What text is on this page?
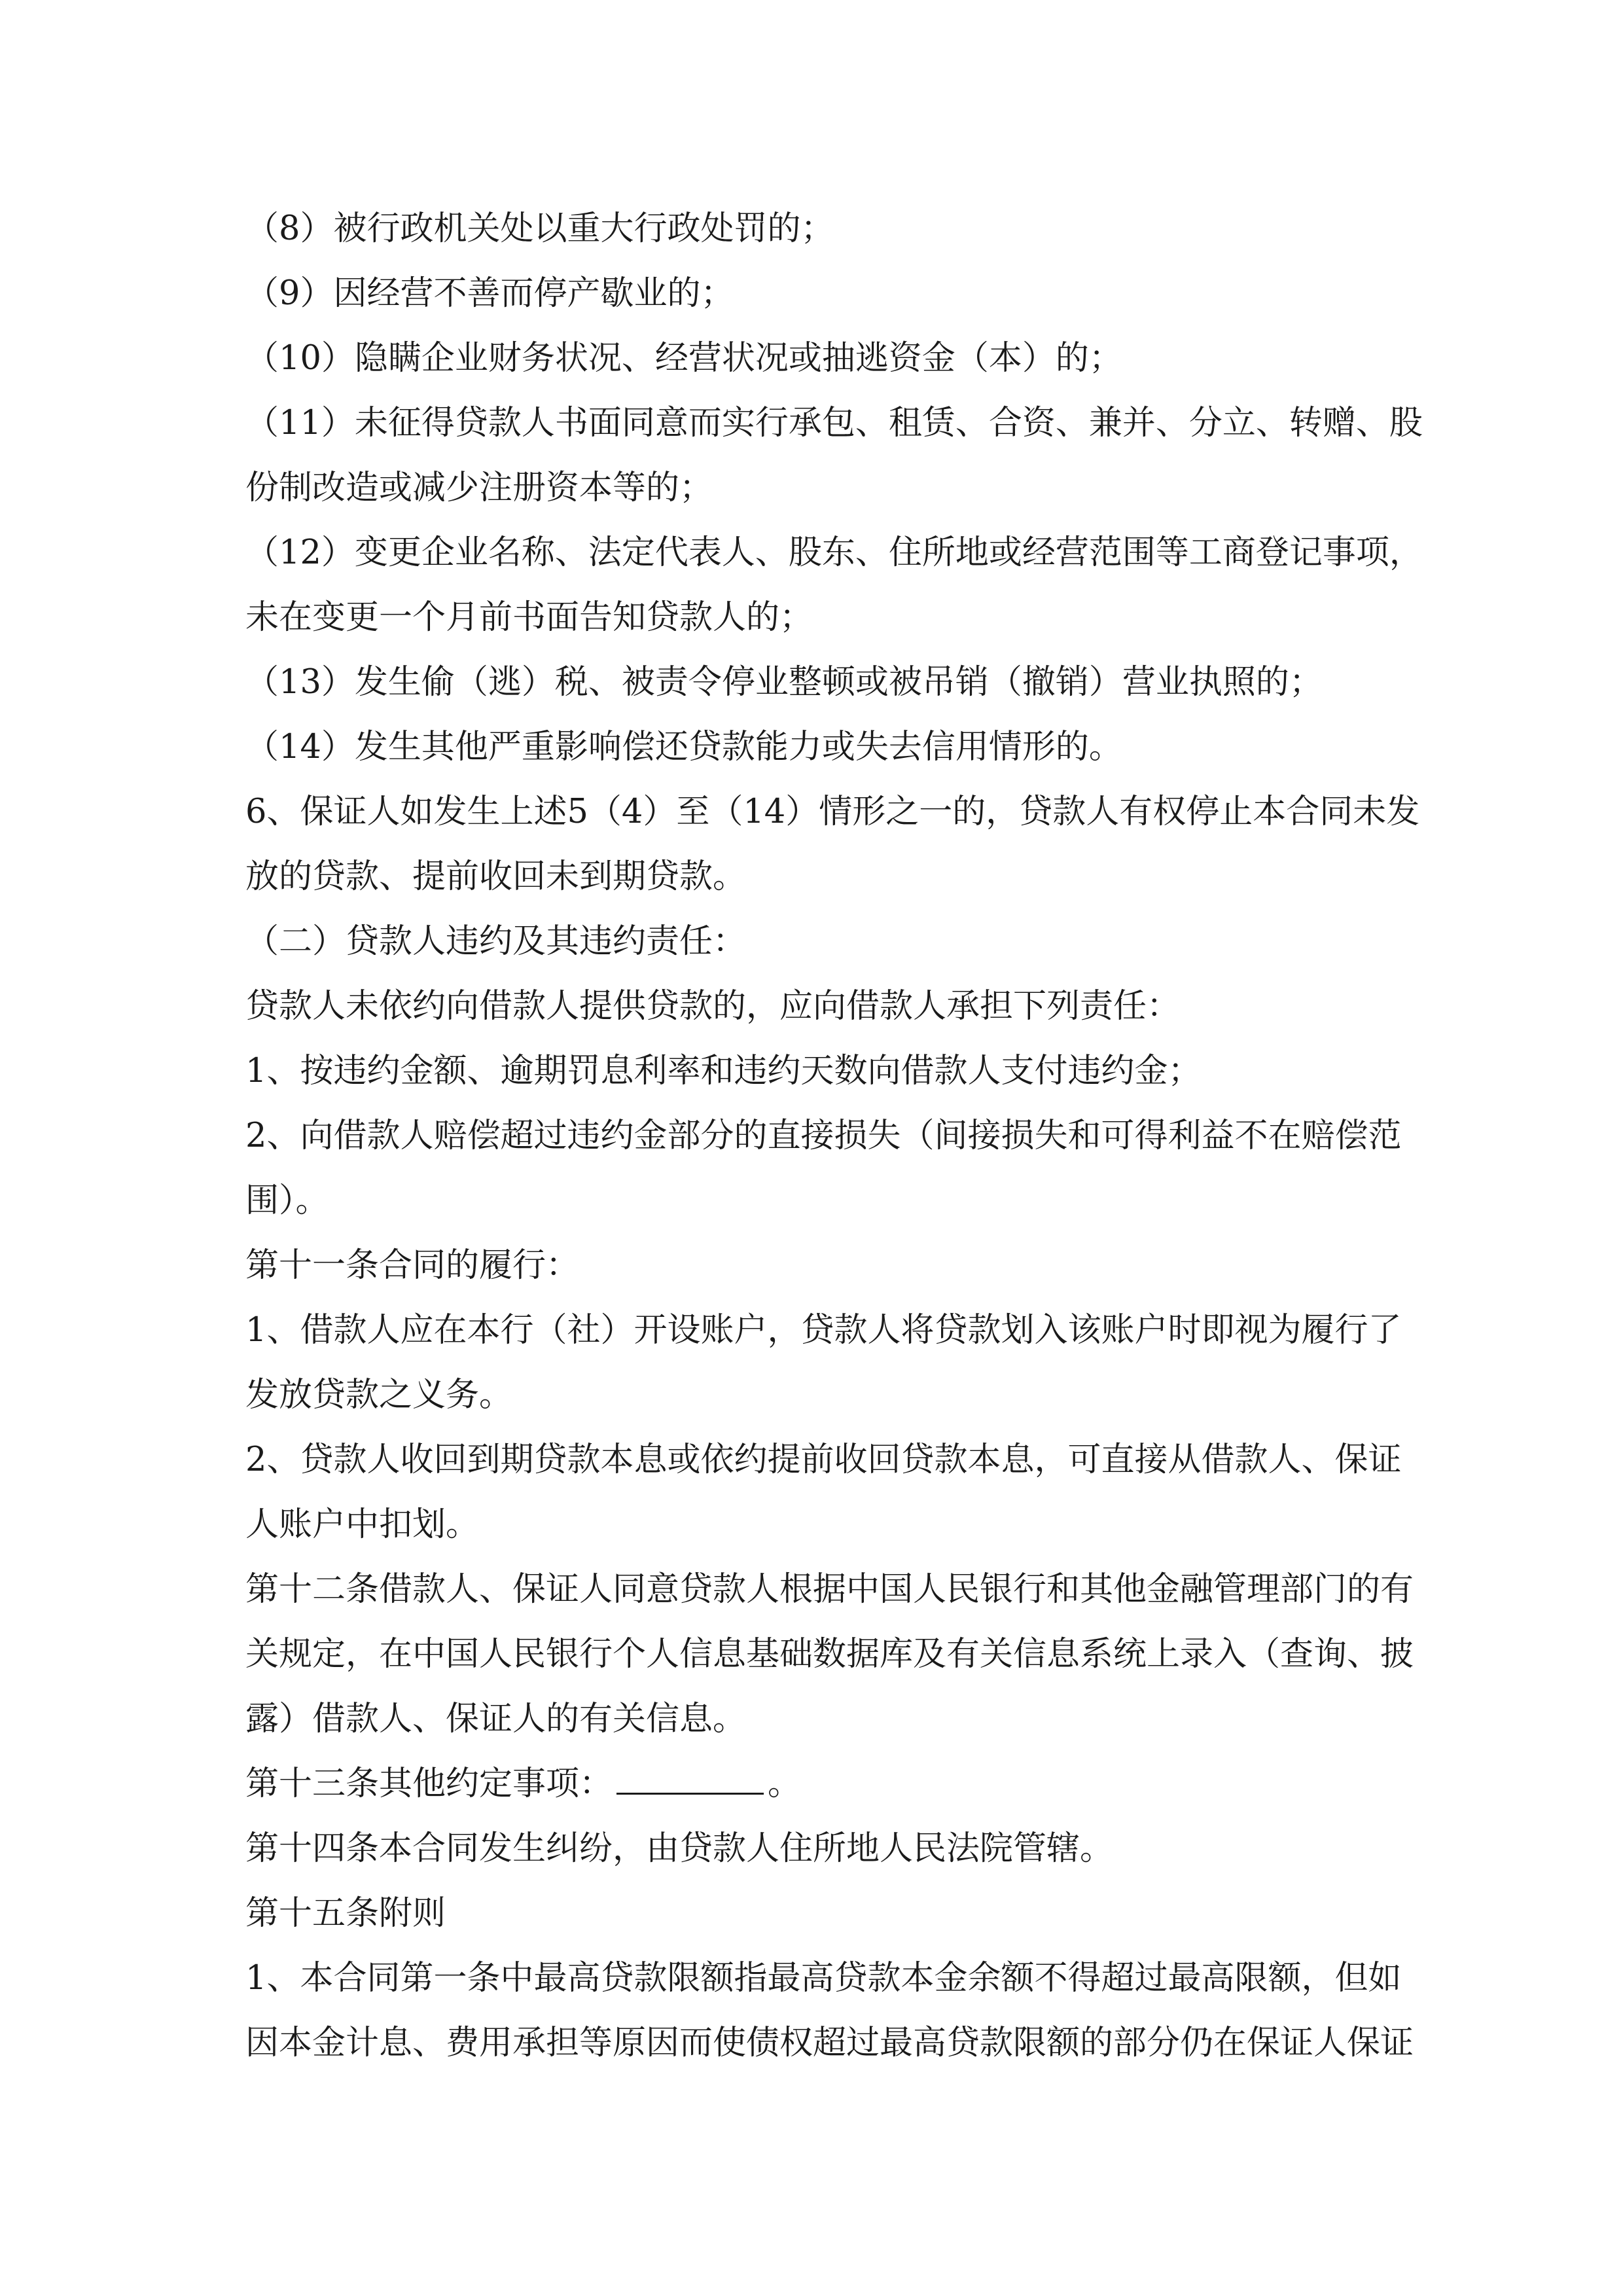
（8）被行政机关处以重大行政处罚的；
（9）因经营不善而停产歇业的；
（10）隐瞒企业财务状况、经营状况或抽逃资金（本）的；
（11）未征得贷款人书面同意而实行承包、租赁、合资、兼并、分立、转赠、股
份制改造或减少注册资本等的；
（12）变更企业名称、法定代表人、股东、住所地或经营范围等工商登记事项，
未在变更一个月前书面告知贷款人的；
（13）发生偷（逃）税、被责令停业整顿或被吊销（撤销）营业执照的；
（14）发生其他严重影响偿还贷款能力或失去信用情形的。
6、保证人如发生上述5（4）至（14）情形之一的，贷款人有权停止本合同未发
放的贷款、提前收回未到期贷款。
（二）贷款人违约及其违约责任：
贷款人未依约向借款人提供贷款的，应向借款人承担下列责任：
1、按违约金额、逾期罚息利率和违约天数向借款人支付违约金；
2、向借款人赔偿超过违约金部分的直接损失（间接损失和可得利益不在赔偿范
围）。
第十一条合同的履行：
1、借款人应在本行（社）开设账户，贷款人将贷款划入该账户时即视为履行了
发放贷款之义务。
2、贷款人收回到期贷款本息或依约提前收回贷款本息，可直接从借款人、保证
人账户中扣划。
第十二条借款人、保证人同意贷款人根据中国人民银行和其他金融管理部门的有
关规定，在中国人民银行个人信息基础数据库及有关信息系统上录入（查询、披
露）借款人、保证人的有关信息。
第十三条其他约定事项：	。
第十四条本合同发生纠纷，由贷款人住所地人民法院管辖。
第十五条附则
1、本合同第一条中最高贷款限额指最高贷款本金余额不得超过最高限额，但如
因本金计息、费用承担等原因而使债权超过最高贷款限额的部分仍在保证人保证
